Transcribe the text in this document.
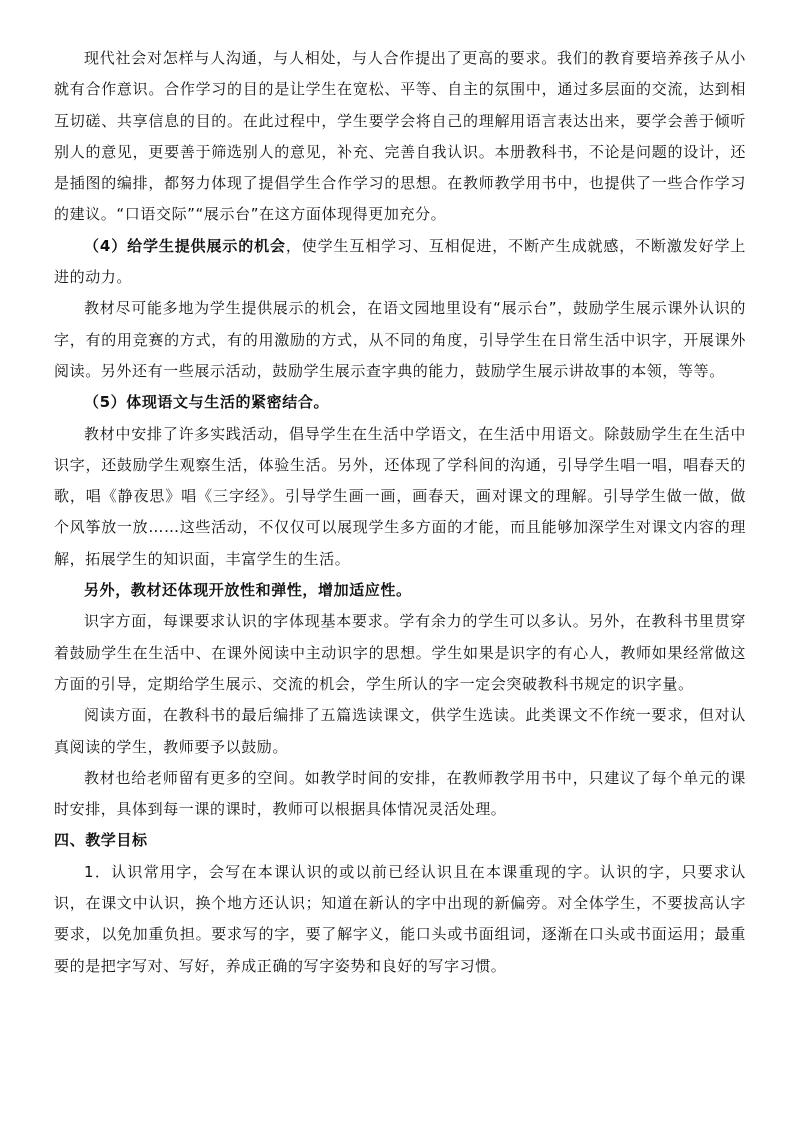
现代社会对怎样与人沟通，与人相处，与人合作提出了更高的要求。我们的教育要培养孩子从小就有合作意识。合作学习的目的是让学生在宽松、平等、自主的氛围中，通过多层面的交流，达到相互切磋、共享信息的目的。在此过程中，学生要学会将自己的理解用语言表达出来，要学会善于倾听别人的意见，更要善于筛选别人的意见，补充、完善自我认识。本册教科书，不论是问题的设计，还是插图的编排，都努力体现了提倡学生合作学习的思想。在教师教学用书中，也提供了一些合作学习的建议。“口语交际”“展示台”在这方面体现得更加充分。

（4）给学生提供展示的机会，使学生互相学习、互相促进，不断产生成就感，不断激发好学上进的动力。

教材尽可能多地为学生提供展示的机会，在语文园地里设有“展示台”，鼓励学生展示课外认识的字，有的用竞赛的方式，有的用激励的方式，从不同的角度，引导学生在日常生活中识字，开展课外阅读。另外还有一些展示活动，鼓励学生展示查字典的能力，鼓励学生展示讲故事的本领，等等。

（5）体现语文与生活的紧密结合。

教材中安排了许多实践活动，倡导学生在生活中学语文，在生活中用语文。除鼓励学生在生活中识字，还鼓励学生观察生活，体验生活。另外，还体现了学科间的沟通，引导学生唱一唱，唱春天的歌，唱《静夜思》唱《三字经》。引导学生画一画，画春天，画对课文的理解。引导学生做一做，做个风筝放一放……这些活动，不仅仅可以展现学生多方面的才能，而且能够加深学生对课文内容的理解，拓展学生的知识面，丰富学生的生活。

另外，教材还体现开放性和弹性，增加适应性。

识字方面，每课要求认识的字体现基本要求。学有余力的学生可以多认。另外，在教科书里贯穿着鼓励学生在生活中、在课外阅读中主动识字的思想。学生如果是识字的有心人，教师如果经常做这方面的引导，定期给学生展示、交流的机会，学生所认的字一定会突破教科书规定的识字量。

阅读方面，在教科书的最后编排了五篇选读课文，供学生选读。此类课文不作统一要求，但对认真阅读的学生，教师要予以鼓励。

教材也给老师留有更多的空间。如教学时间的安排，在教师教学用书中，只建议了每个单元的课时安排，具体到每一课的课时，教师可以根据具体情况灵活处理。

四、教学目标

1．认识常用字，会写在本课认识的或以前已经认识且在本课重现的字。认识的字，只要求认识，在课文中认识，换个地方还认识；知道在新认的字中出现的新偏旁。对全体学生，不要拔高认字要求，以免加重负担。要求写的字，要了解字义，能口头或书面组词，逐渐在口头或书面运用；最重要的是把字写对、写好，养成正确的写字姿势和良好的写字习惯。
